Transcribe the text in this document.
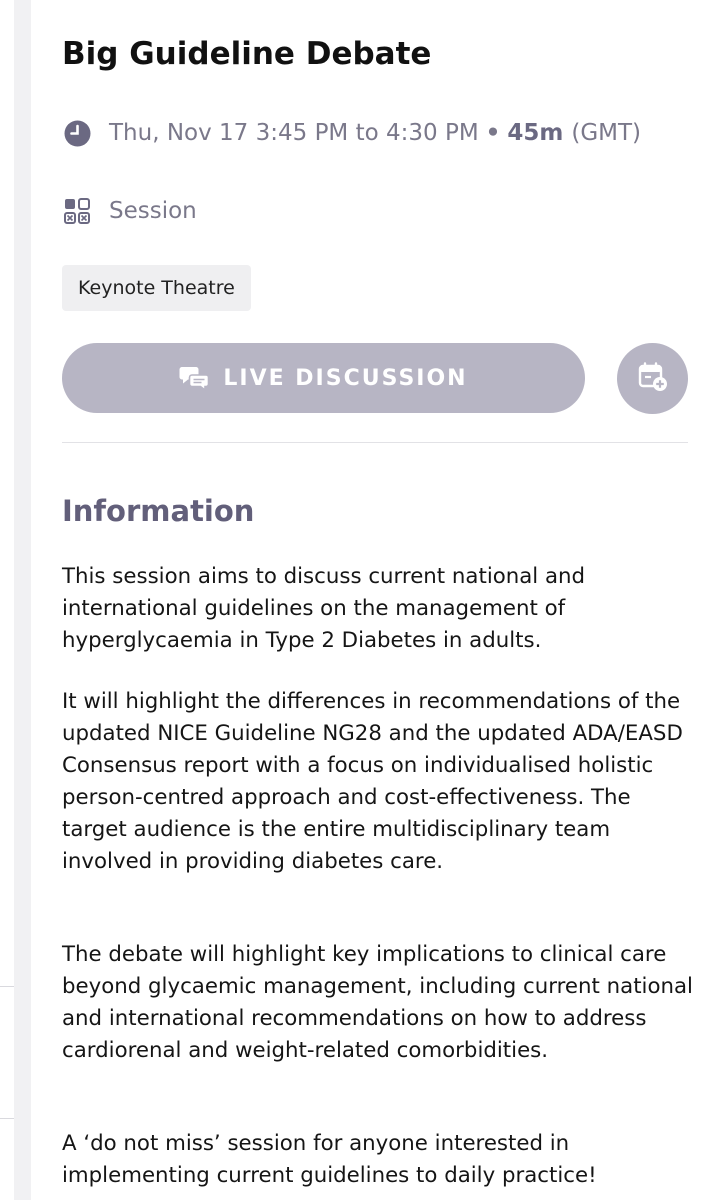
Big Guideline Debate
Thu, Nov 17 3:45 PM to 4:30 PM • 45m (GMT)
Session
Keynote Theatre
LIVE DISCUSSION
Information

This session aims to discuss current national and international guidelines on the management of hyperglycaemia in Type 2 Diabetes in adults.

It will highlight the differences in recommendations of the updated NICE Guideline NG28 and the updated ADA/EASD Consensus report with a focus on individualised holistic person-centred approach and cost-effectiveness. The target audience is the entire multidisciplinary team involved in providing diabetes care.

The debate will highlight key implications to clinical care beyond glycaemic management, including current national and international recommendations on how to address cardiorenal and weight-related comorbidities.

A ‘do not miss’ session for anyone interested in implementing current guidelines to daily practice!
